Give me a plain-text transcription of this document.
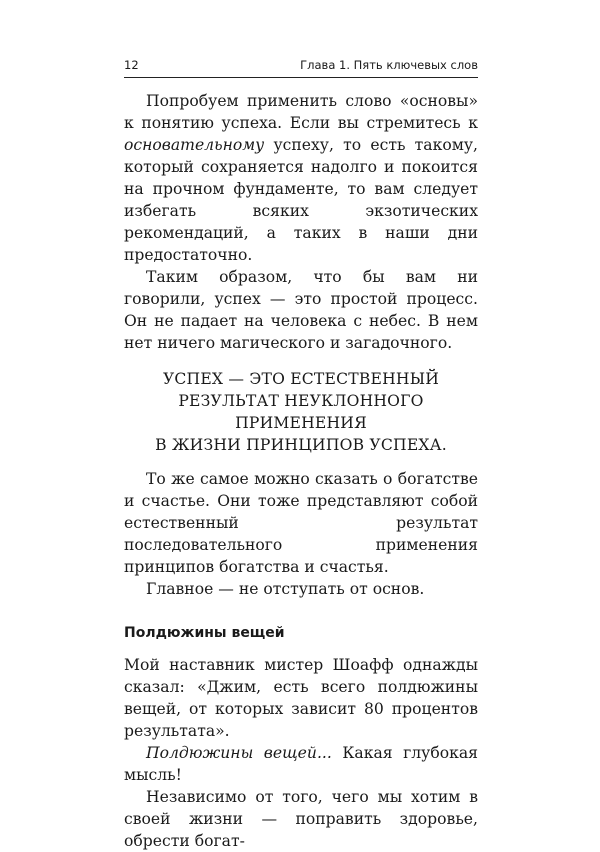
12	Глава 1. Пять ключевых слов

Попробуем применить слово «основы» к понятию успеха. Если вы стремитесь к основательному успеху, то есть такому, который сохраняется надолго и покоится на прочном фундаменте, то вам следует избегать всяких экзотических рекомендаций, а таких в наши дни предостаточно.

Таким образом, что бы вам ни говорили, успех — это простой процесс. Он не падает на человека с небес. В нем нет ничего магического и загадочного.

УСПЕХ — ЭТО ЕСТЕСТВЕННЫЙ
РЕЗУЛЬТАТ НЕУКЛОННОГО ПРИМЕНЕНИЯ
В ЖИЗНИ ПРИНЦИПОВ УСПЕХА.

То же самое можно сказать о богатстве и счастье. Они тоже представляют собой естественный результат последовательного применения принципов богатства и счастья.

Главное — не отступать от основ.

Полдюжины вещей

Мой наставник мистер Шоафф однажды сказал: «Джим, есть всего полдюжины вещей, от которых зависит 80 процентов результата».

Полдюжины вещей... Какая глубокая мысль!

Независимо от того, чего мы хотим в своей жизни — поправить здоровье, обрести богат-
